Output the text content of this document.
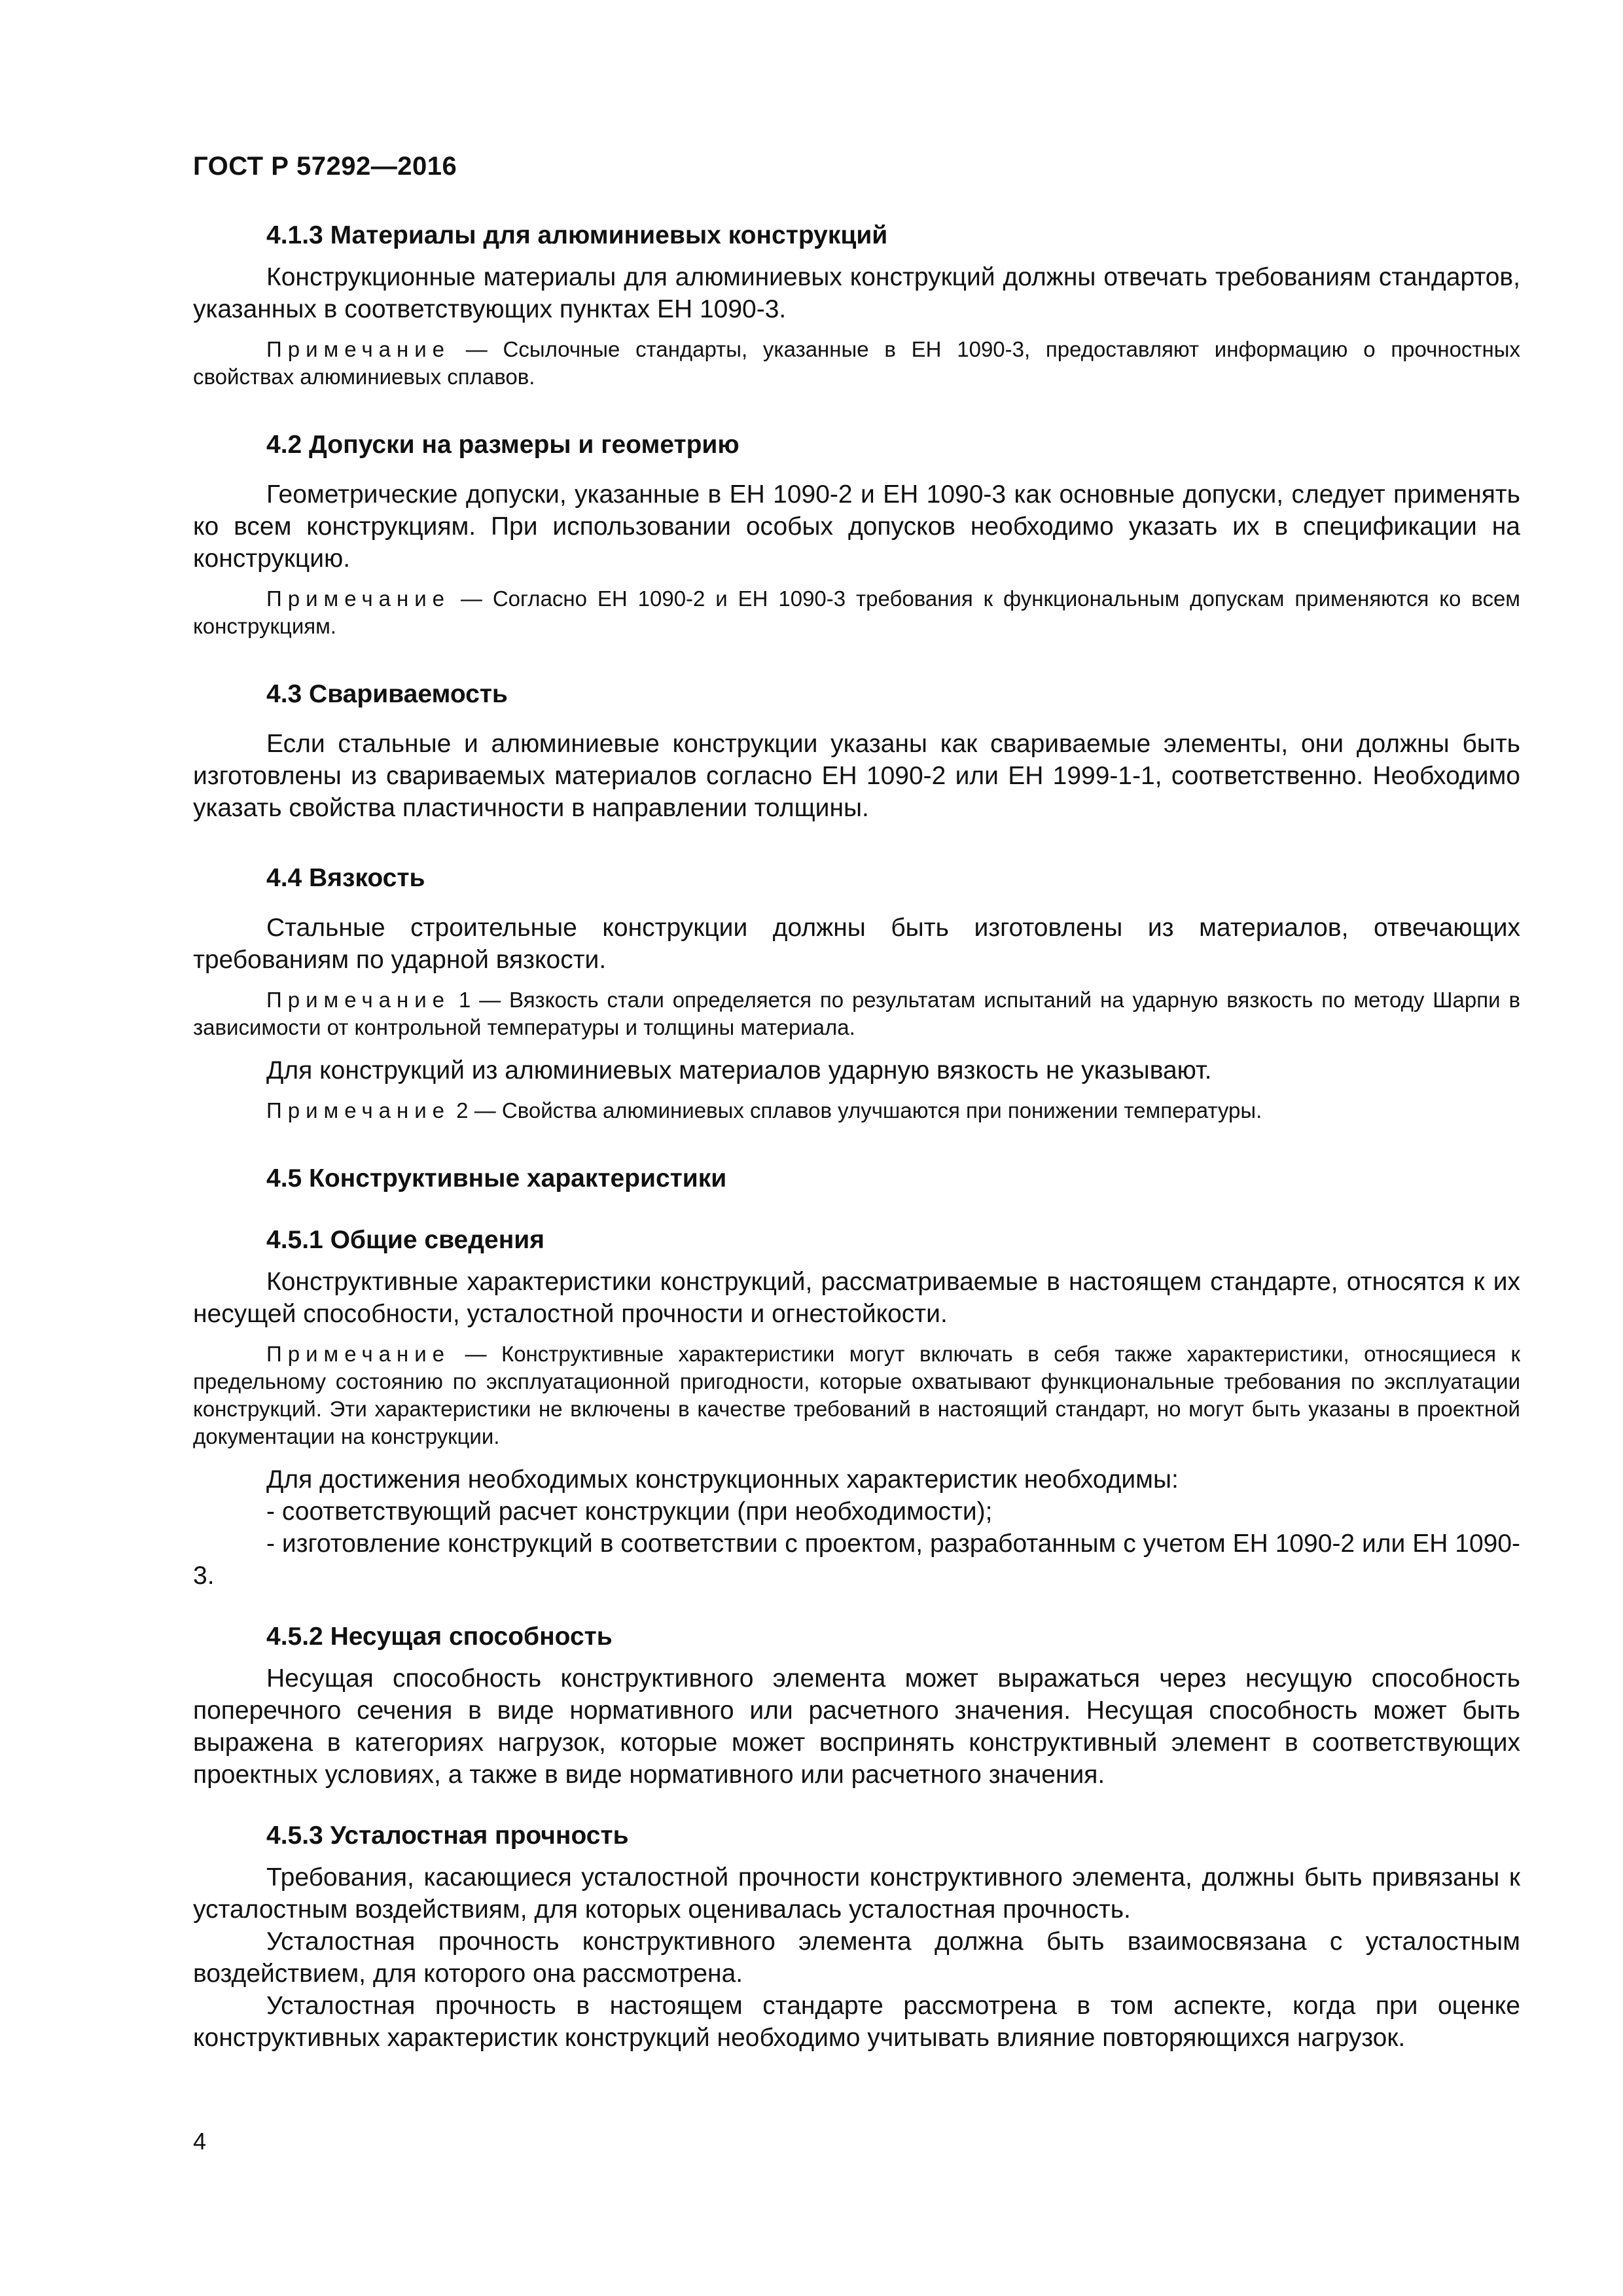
ГОСТ Р 57292—2016
4.1.3 Материалы для алюминиевых конструкций

Конструкционные материалы для алюминиевых конструкций должны отвечать требованиям стандартов, указанных в соответствующих пунктах ЕН 1090-3.

Примечание — Ссылочные стандарты, указанные в ЕН 1090-3, предоставляют информацию о прочностных свойствах алюминиевых сплавов.

4.2 Допуски на размеры и геометрию

Геометрические допуски, указанные в ЕН 1090-2 и ЕН 1090-3 как основные допуски, следует применять ко всем конструкциям. При использовании особых допусков необходимо указать их в спецификации на конструкцию.

Примечание — Согласно ЕН 1090-2 и ЕН 1090-3 требования к функциональным допускам применяются ко всем конструкциям.

4.3 Свариваемость

Если стальные и алюминиевые конструкции указаны как свариваемые элементы, они должны быть изготовлены из свариваемых материалов согласно ЕН 1090-2 или ЕН 1999-1-1, соответственно. Необходимо указать свойства пластичности в направлении толщины.

4.4 Вязкость

Стальные строительные конструкции должны быть изготовлены из материалов, отвечающих требованиям по ударной вязкости.

Примечание 1 — Вязкость стали определяется по результатам испытаний на ударную вязкость по методу Шарпи в зависимости от контрольной температуры и толщины материала.

Для конструкций из алюминиевых материалов ударную вязкость не указывают.

Примечание 2 — Свойства алюминиевых сплавов улучшаются при понижении температуры.

4.5 Конструктивные характеристики
4.5.1 Общие сведения

Конструктивные характеристики конструкций, рассматриваемые в настоящем стандарте, относятся к их несущей способности, усталостной прочности и огнестойкости.

Примечание — Конструктивные характеристики могут включать в себя также характеристики, относящиеся к предельному состоянию по эксплуатационной пригодности, которые охватывают функциональные требования по эксплуатации конструкций. Эти характеристики не включены в качестве требований в настоящий стандарт, но могут быть указаны в проектной документации на конструкции.

Для достижения необходимых конструкционных характеристик необходимы:

- соответствующий расчет конструкции (при необходимости);

- изготовление конструкций в соответствии с проектом, разработанным с учетом ЕН 1090-2 или ЕН 1090-3.

4.5.2 Несущая способность

Несущая способность конструктивного элемента может выражаться через несущую способность поперечного сечения в виде нормативного или расчетного значения. Несущая способность может быть выражена в категориях нагрузок, которые может воспринять конструктивный элемент в соответствующих проектных условиях, а также в виде нормативного или расчетного значения.

4.5.3 Усталостная прочность

Требования, касающиеся усталостной прочности конструктивного элемента, должны быть привязаны к усталостным воздействиям, для которых оценивалась усталостная прочность.

Усталостная прочность конструктивного элемента должна быть взаимосвязана с усталостным воздействием, для которого она рассмотрена.

Усталостная прочность в настоящем стандарте рассмотрена в том аспекте, когда при оценке конструктивных характеристик конструкций необходимо учитывать влияние повторяющихся нагрузок.

4
